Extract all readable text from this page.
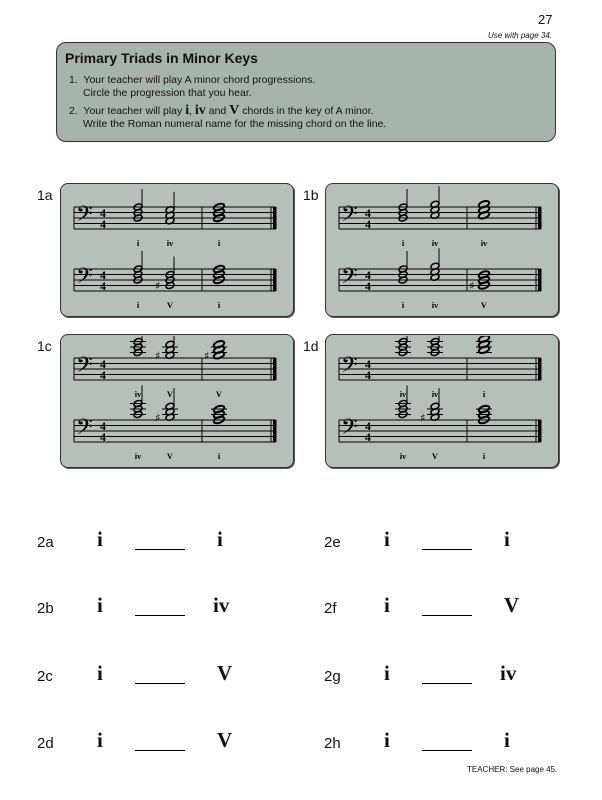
27
Use with page 34.
Primary Triads in Minor Keys
1. Your teacher will play A minor chord progressions.
Circle the progression that you hear.
2. Your teacher will play i, iv and V chords in the key of A minor.
Write the Roman numeral name for the missing chord on the line.
1a	1b
1c	1d
2a i	i
2b i	iv
2c i	V
2d i	V
2e i	i
2f i	V
2g i	iv
2h i	i
TEACHER: See page 45.
𝄢 4
4
i	iv	i
𝄢 4
4
i
♯
V	i
𝄢 4
4
i	iv	iv
𝄢 4
4
i	iv
♯
V
𝄢 4
4
iv
♯
V
♯
V
𝄢 4
4
iv
♯
V	i
𝄢 4
4
iv	iv	i
𝄢 4
4
iv
♯
V	i
